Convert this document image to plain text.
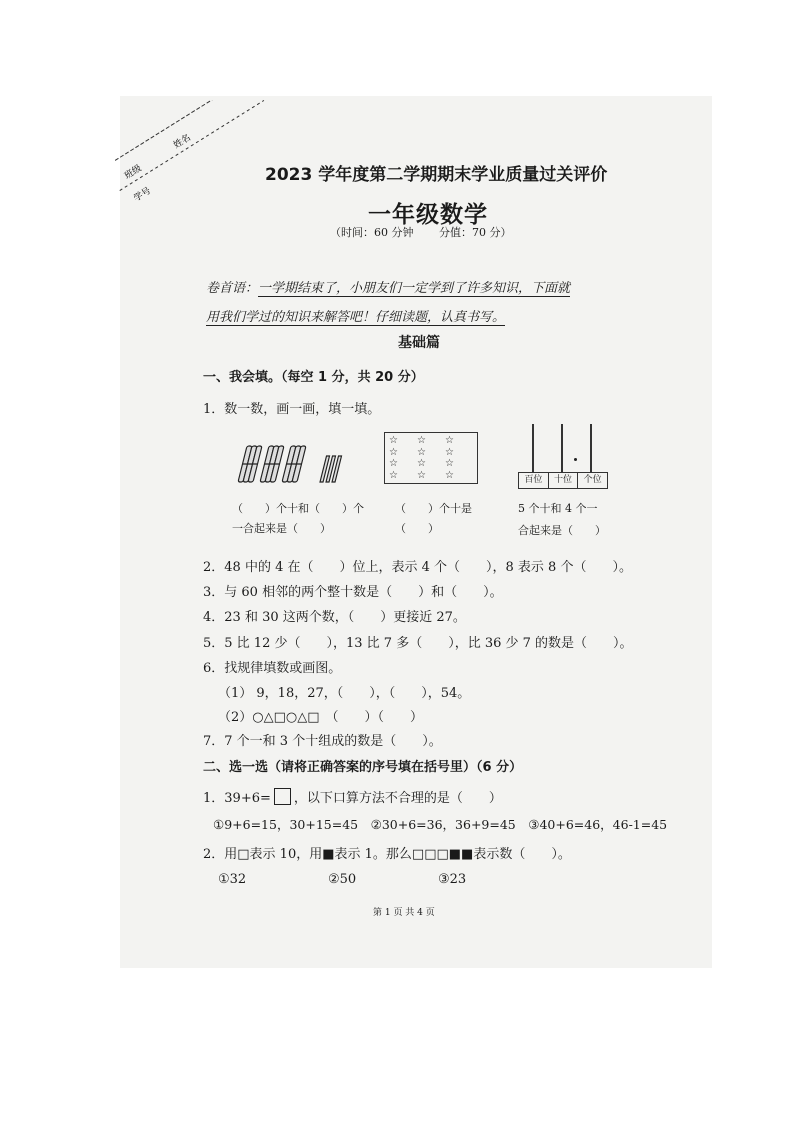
班级
姓名
学号
2023 学年度第二学期期末学业质量过关评价
一年级数学
（时间：60 分钟 分值：70 分）
卷首语：一学期结束了，小朋友们一定学到了许多知识，下面就
用我们学过的知识来解答吧！仔细读题，认真书写。
基础篇
一、我会填。（每空 1 分，共 20 分）
1．数一数，画一画，填一填。
☆	☆	☆
☆	☆	☆
☆	☆	☆
☆	☆	☆	百位	十位	个位
（　　）个十和（　　）个
一合起来是（　　）
（　　）个十是
（　　）
5 个十和 4 个一
合起来是（　　）
2．48 中的 4 在（　　）位上，表示 4 个（　　），8 表示 8 个（　　）。
3．与 60 相邻的两个整十数是（　　）和（　　）。
4．23 和 30 这两个数，（　　）更接近 27。
5．5 比 12 少（　　），13 比 7 多（　　），比 36 少 7 的数是（　　）。
6．找规律填数或画图。
（1） 9，18，27，（　　），（　　），54。
（2）○△□○△□ （　　）（　　）
7．7 个一和 3 个十组成的数是（　　）。
二、选一选（请将正确答案的序号填在括号里）（6 分）
1．39+6= ，以下口算方法不合理的是（　　）
①9+6=15，30+15=45　②30+6=36，36+9=45　③40+6=46，46-1=45
2．用□表示 10，用■表示 1。那么□□□■■表示数（　　）。
①32	②50	③23
第 1 页 共 4 页
